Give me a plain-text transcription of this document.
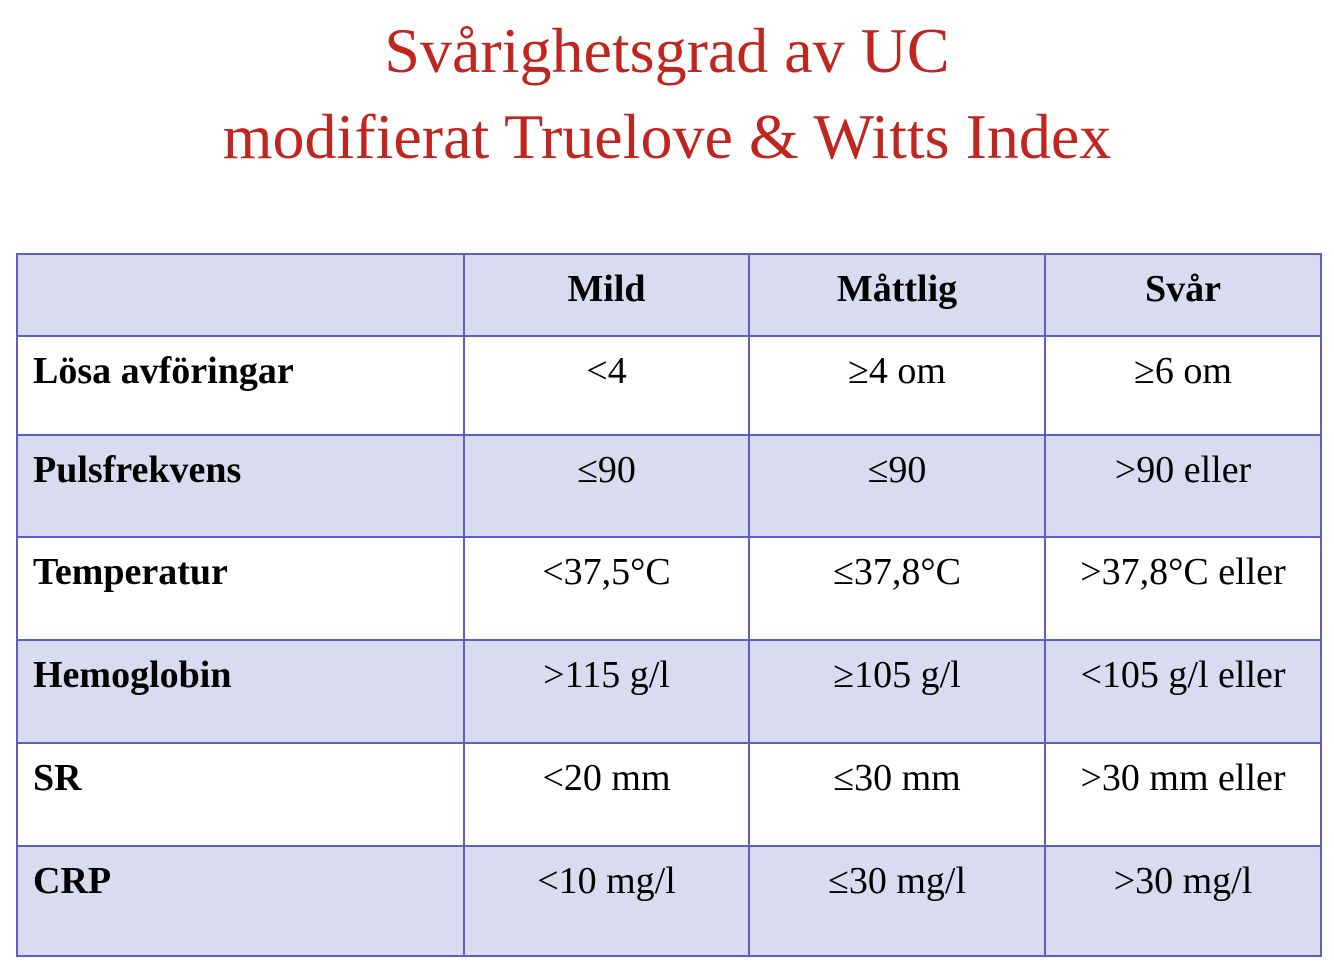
Svårighetsgrad av UC
modifierat Truelove & Witts Index
	Mild	Måttlig	Svår
Lösa avföringar	<4	≥4 om	≥6 om
Pulsfrekvens	≤90	≤90	>90 eller
Temperatur	<37,5°C	≤37,8°C	>37,8°C eller
Hemoglobin	>115 g/l	≥105 g/l	<105 g/l eller
SR	<20 mm	≤30 mm	>30 mm eller
CRP	<10 mg/l	≤30 mg/l	>30 mg/l
